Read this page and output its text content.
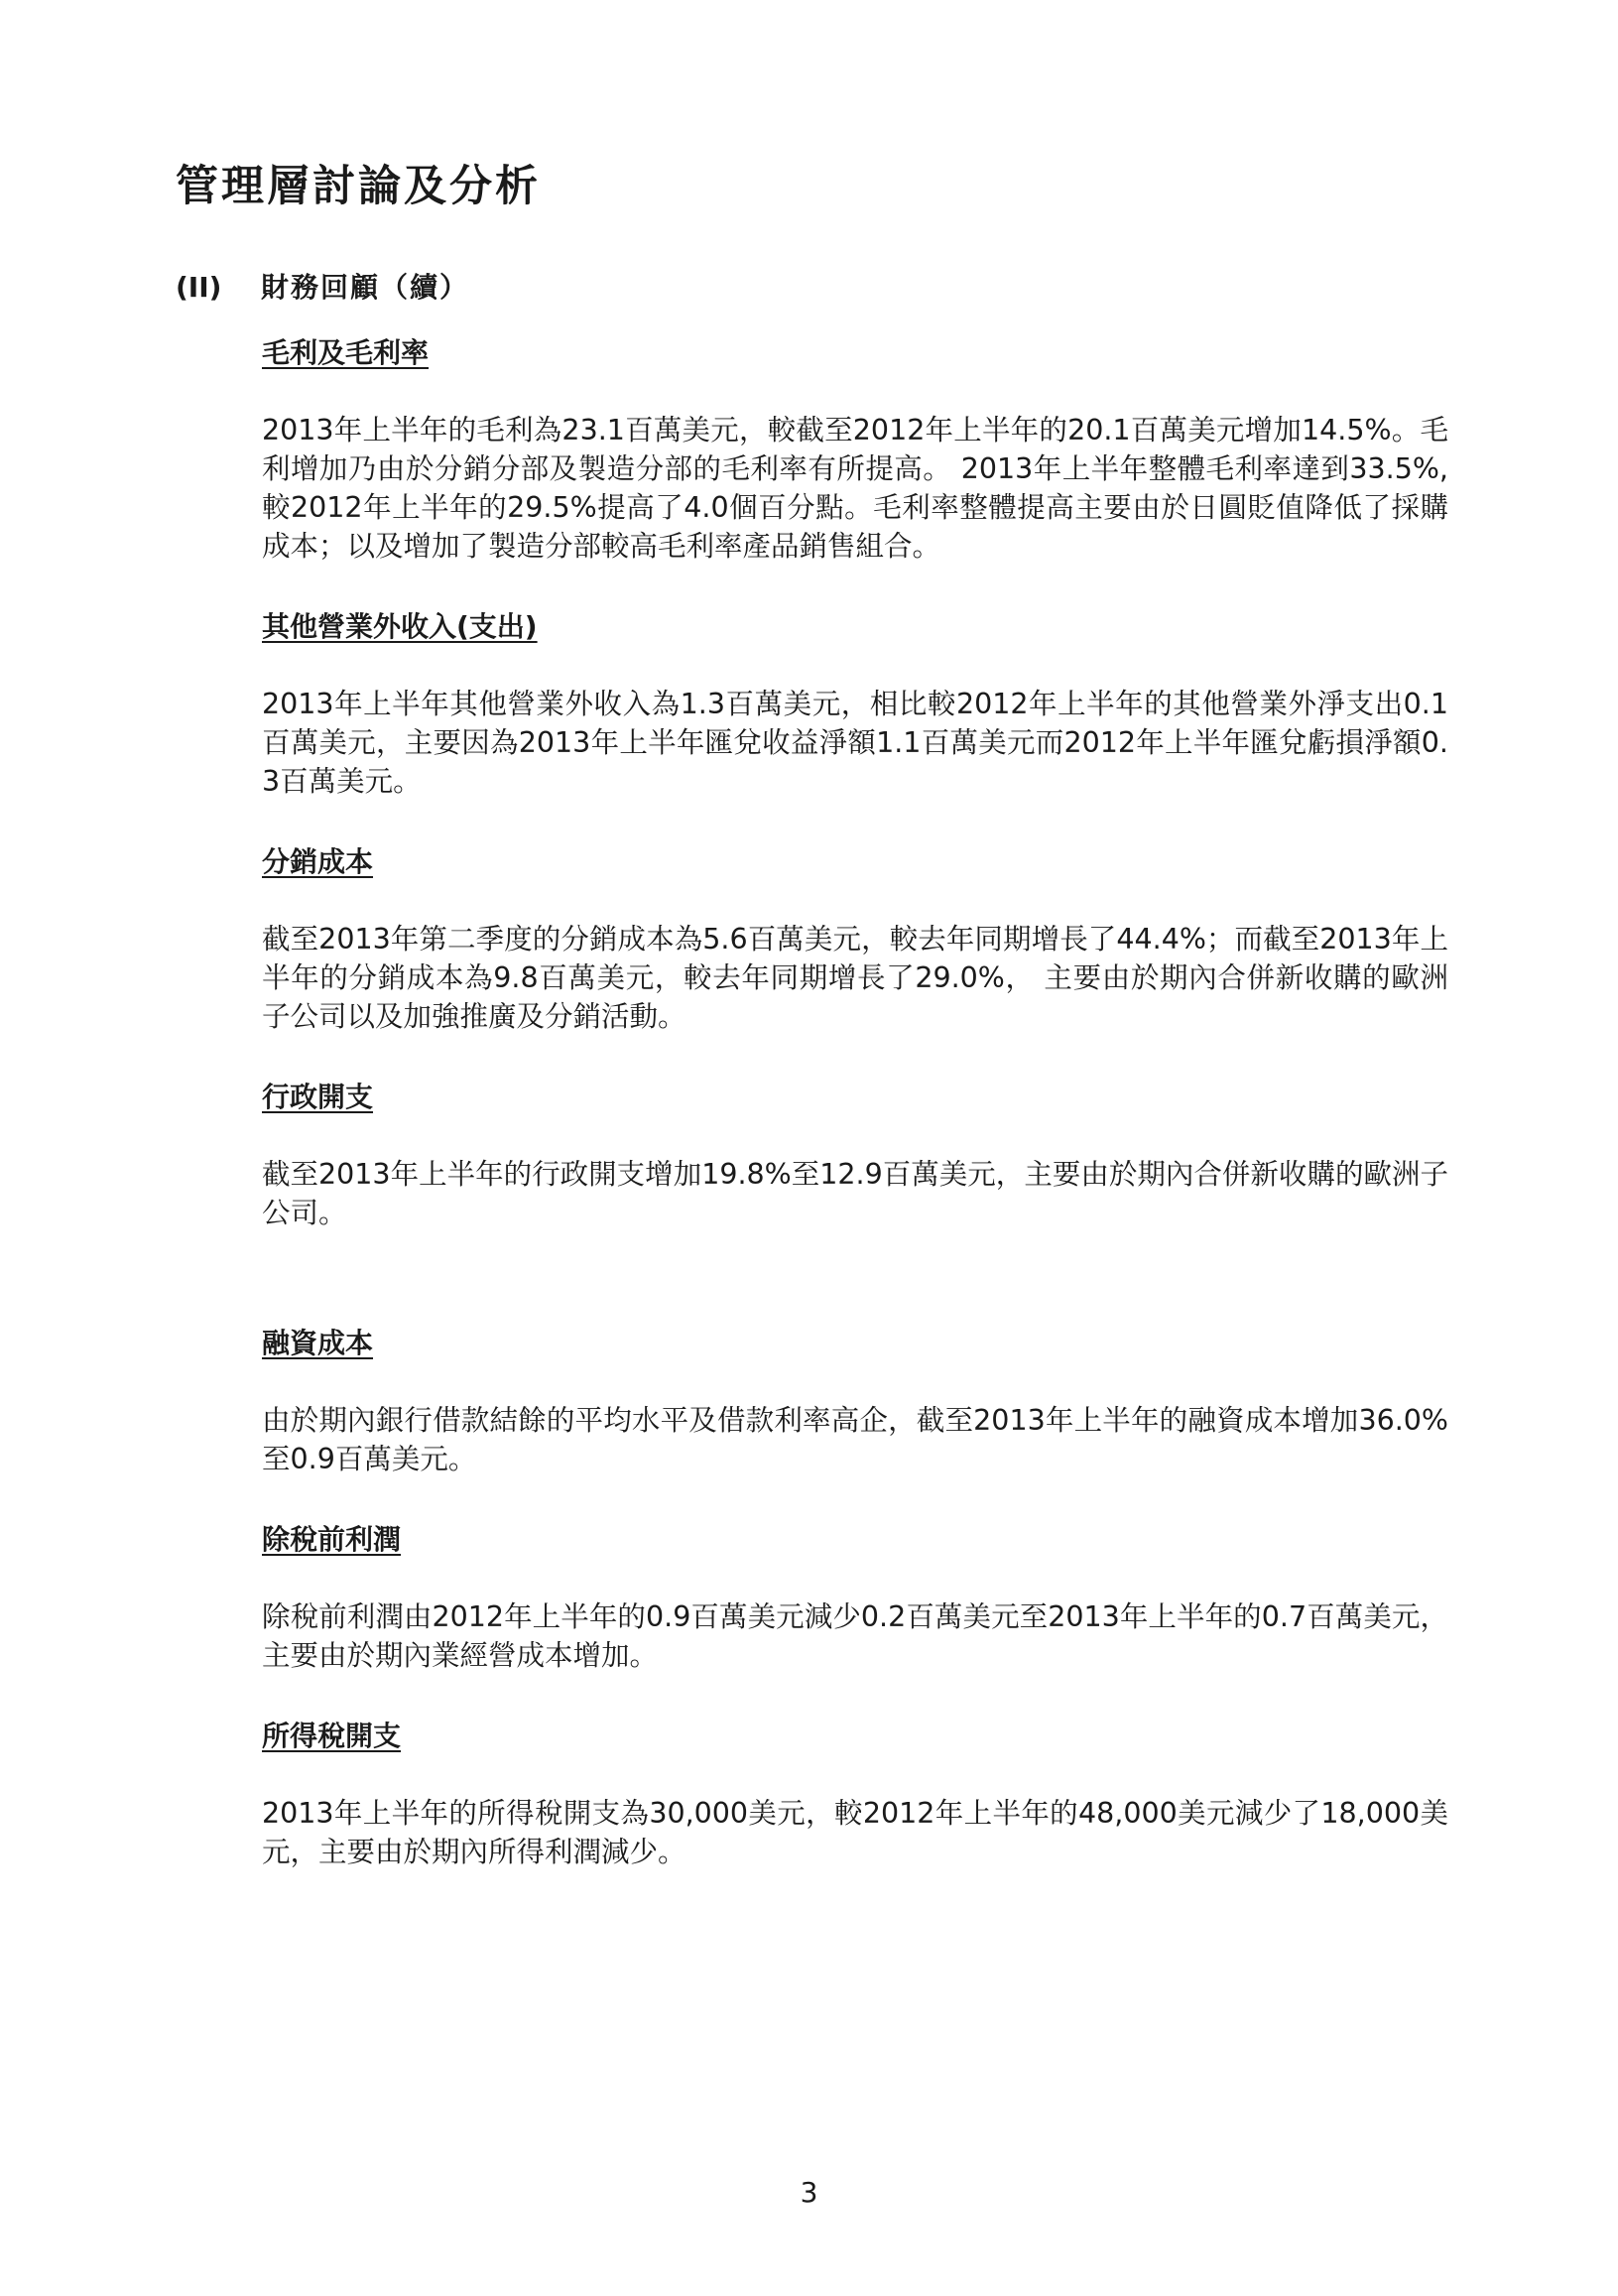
管理層討論及分析
(II) 財務回顧（續）
毛利及毛利率

2013年上半年的毛利為23.1百萬美元，較截至2012年上半年的20.1百萬美元增加14.5%。毛利增加乃由於分銷分部及製造分部的毛利率有所提高。 2013年上半年整體毛利率達到33.5%,較2012年上半年的29.5%提高了4.0個百分點。毛利率整體提高主要由於日圓貶值降低了採購成本；以及增加了製造分部較高毛利率產品銷售組合。

其他營業外收入(支出)

2013年上半年其他營業外收入為1.3百萬美元，相比較2012年上半年的其他營業外淨支出0.1百萬美元，主要因為2013年上半年匯兌收益淨額1.1百萬美元而2012年上半年匯兌虧損淨額0.3百萬美元。

分銷成本

截至2013年第二季度的分銷成本為5.6百萬美元，較去年同期增長了44.4%；而截至2013年上半年的分銷成本為9.8百萬美元，較去年同期增長了29.0%， 主要由於期內合併新收購的歐洲子公司以及加強推廣及分銷活動。

行政開支

截至2013年上半年的行政開支增加19.8%至12.9百萬美元，主要由於期內合併新收購的歐洲子公司。

融資成本

由於期內銀行借款結餘的平均水平及借款利率高企，截至2013年上半年的融資成本增加36.0%至0.9百萬美元。

除稅前利潤

除稅前利潤由2012年上半年的0.9百萬美元減少0.2百萬美元至2013年上半年的0.7百萬美元，主要由於期內業經營成本增加。

所得稅開支

2013年上半年的所得稅開支為30,000美元，較2012年上半年的48,000美元減少了18,000美元，主要由於期內所得利潤減少。

3
